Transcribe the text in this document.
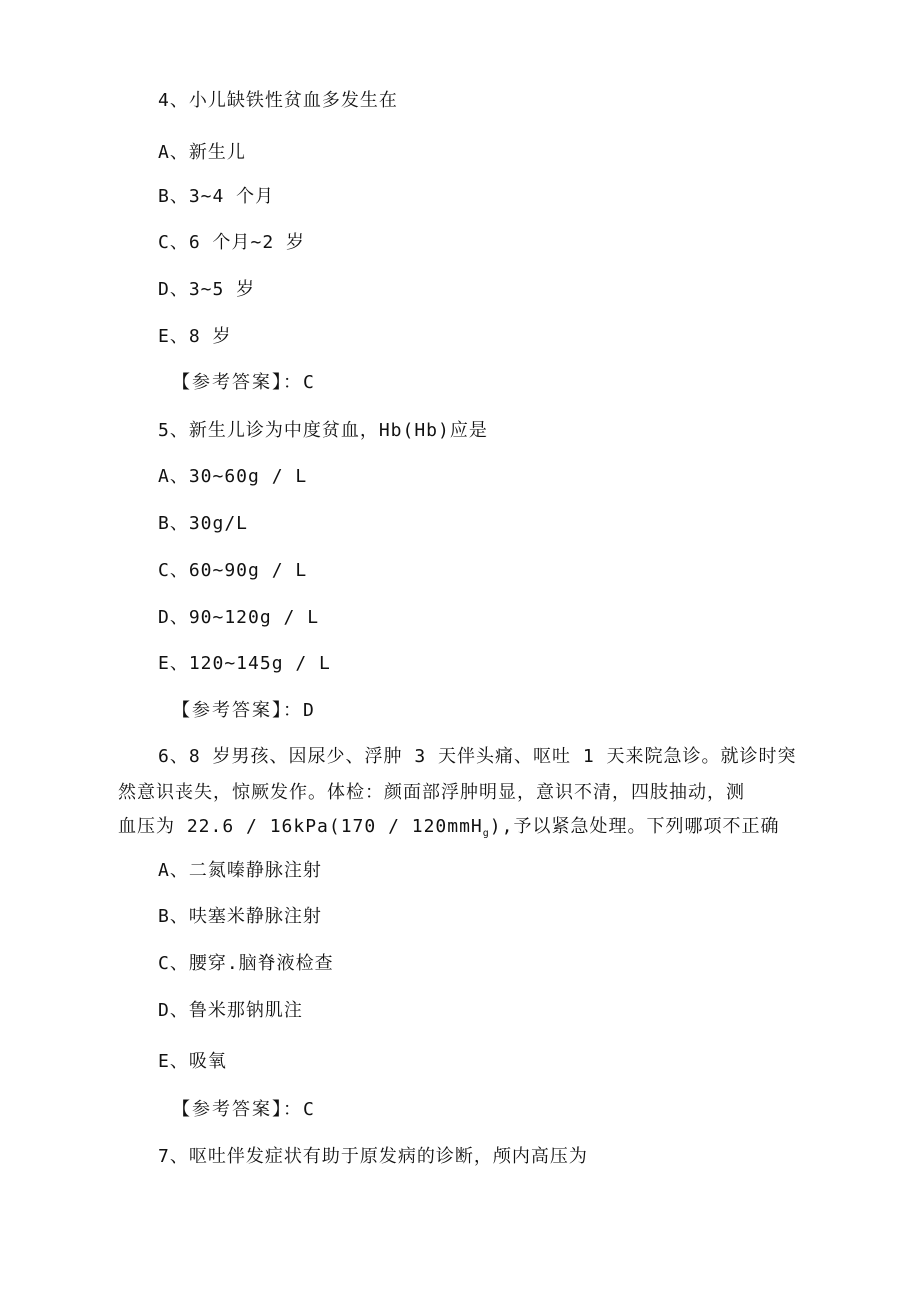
4、小儿缺铁性贫血多发生在
A、新生儿
B、3~4 个月
C、6 个月~2 岁
D、3~5 岁
E、8 岁
【参考答案】：C
5、新生儿诊为中度贫血，Hb(Hb)应是
A、30~60g / L
B、30g/L
C、60~90g / L
D、90~120g / L
E、120~145g / L
【参考答案】：D
6、8 岁男孩、因尿少、浮肿 3 天伴头痛、呕吐 1 天来院急诊。就诊时突
然意识丧失，惊厥发作。体检：颜面部浮肿明显，意识不清，四肢抽动，测
血压为 22.6 / 16kPa(170 / 120mmH$_g$),予以紧急处理。下列哪项不正确
A、二氮嗪静脉注射
B、呋塞米静脉注射
C、腰穿.脑脊液检查
D、鲁米那钠肌注
E、吸氧
【参考答案】：C
7、呕吐伴发症状有助于原发病的诊断，颅内高压为
